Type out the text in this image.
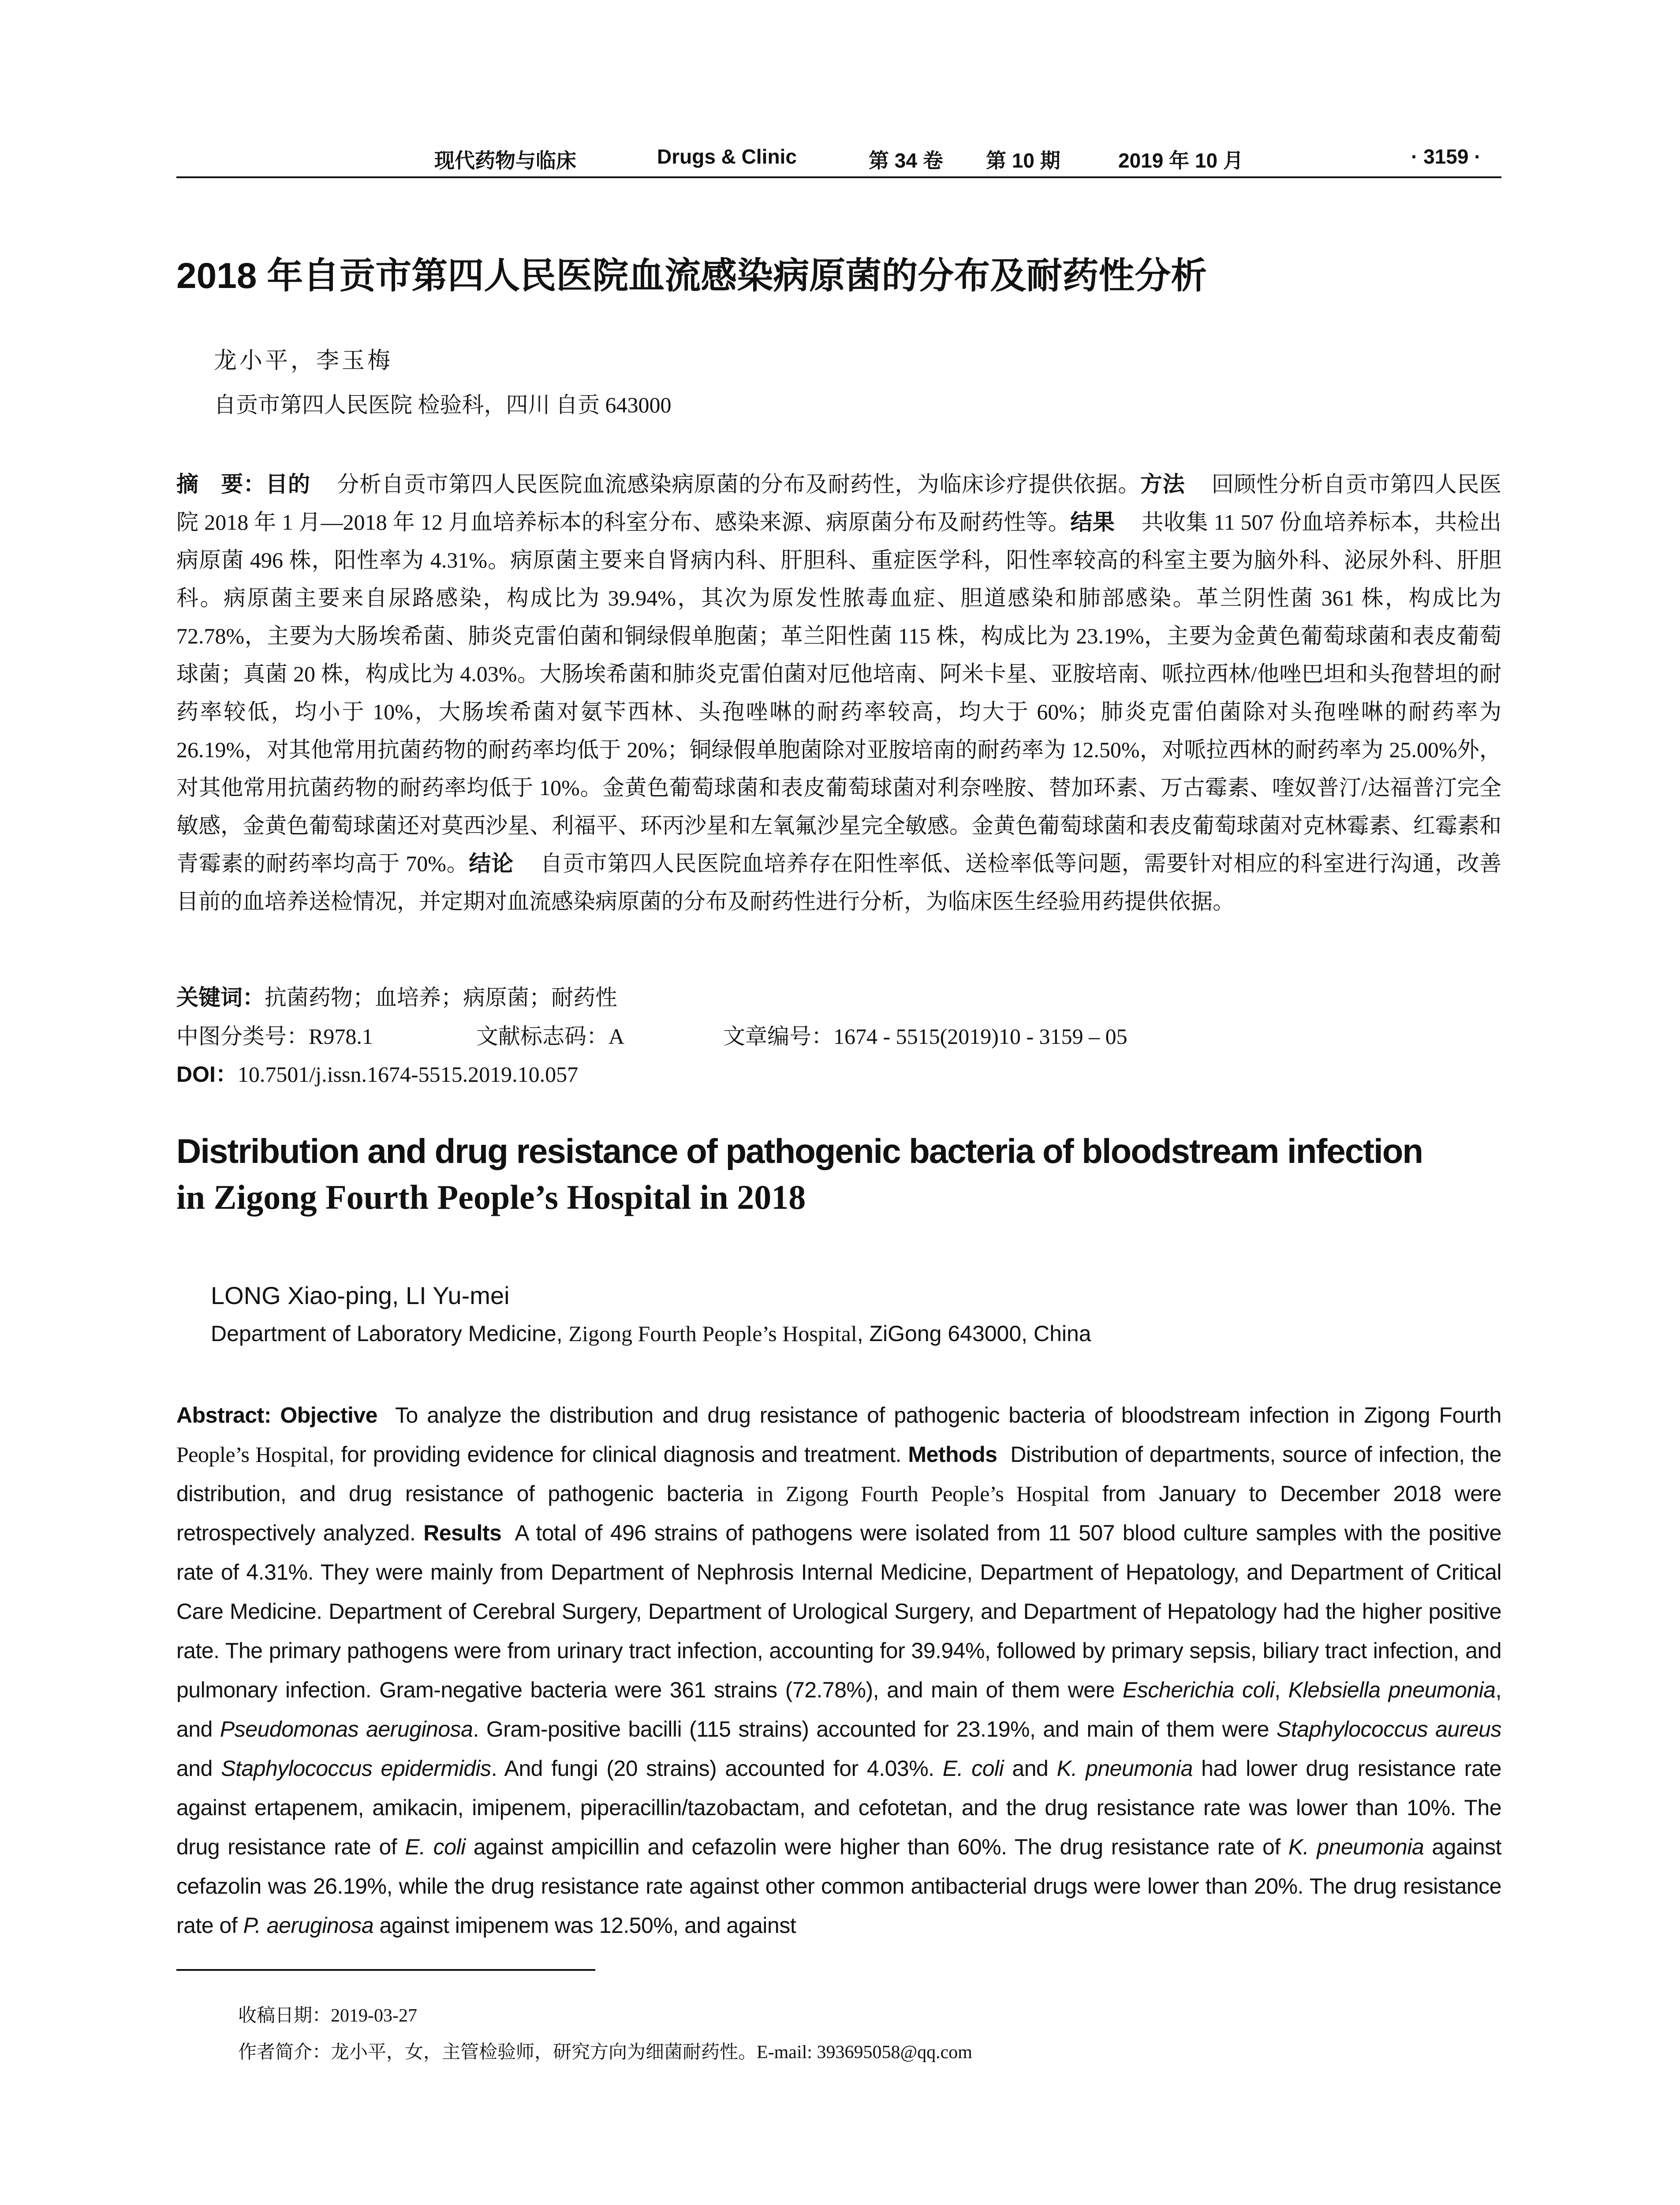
现代药物与临床	Drugs & Clinic	第 34 卷 第 10 期	2019 年 10 月	· 3159 ·
2018 年自贡市第四人民医院血流感染病原菌的分布及耐药性分析
龙小平，李玉梅
自贡市第四人民医院 检验科，四川 自贡 643000
摘　要：目的 分析自贡市第四人民医院血流感染病原菌的分布及耐药性，为临床诊疗提供依据。方法 回顾性分析自贡市第四人民医院 2018 年 1 月—2018 年 12 月血培养标本的科室分布、感染来源、病原菌分布及耐药性等。结果 共收集 11 507 份血培养标本，共检出病原菌 496 株，阳性率为 4.31%。病原菌主要来自肾病内科、肝胆科、重症医学科，阳性率较高的科室主要为脑外科、泌尿外科、肝胆科。病原菌主要来自尿路感染，构成比为 39.94%，其次为原发性脓毒血症、胆道感染和肺部感染。革兰阴性菌 361 株，构成比为 72.78%，主要为大肠埃希菌、肺炎克雷伯菌和铜绿假单胞菌；革兰阳性菌 115 株，构成比为 23.19%，主要为金黄色葡萄球菌和表皮葡萄球菌；真菌 20 株，构成比为 4.03%。大肠埃希菌和肺炎克雷伯菌对厄他培南、阿米卡星、亚胺培南、哌拉西林/他唑巴坦和头孢替坦的耐药率较低，均小于 10%，大肠埃希菌对氨苄西林、头孢唑啉的耐药率较高，均大于 60%；肺炎克雷伯菌除对头孢唑啉的耐药率为 26.19%，对其他常用抗菌药物的耐药率均低于 20%；铜绿假单胞菌除对亚胺培南的耐药率为 12.50%，对哌拉西林的耐药率为 25.00%外，对其他常用抗菌药物的耐药率均低于 10%。金黄色葡萄球菌和表皮葡萄球菌对利奈唑胺、替加环素、万古霉素、喹奴普汀/达福普汀完全敏感，金黄色葡萄球菌还对莫西沙星、利福平、环丙沙星和左氧氟沙星完全敏感。金黄色葡萄球菌和表皮葡萄球菌对克林霉素、红霉素和青霉素的耐药率均高于 70%。结论 自贡市第四人民医院血培养存在阳性率低、送检率低等问题，需要针对相应的科室进行沟通，改善目前的血培养送检情况，并定期对血流感染病原菌的分布及耐药性进行分析，为临床医生经验用药提供依据。
关键词：抗菌药物；血培养；病原菌；耐药性
中图分类号：R978.1	文献标志码：A	文章编号：1674 - 5515(2019)10 - 3159 – 05
DOI：10.7501/j.issn.1674-5515.2019.10.057
Distribution and drug resistance of pathogenic bacteria of bloodstream infection
in Zigong Fourth People’s Hospital in 2018
LONG Xiao-ping, LI Yu-mei
Department of Laboratory Medicine, Zigong Fourth People’s Hospital, ZiGong 643000, China
Abstract: Objective To analyze the distribution and drug resistance of pathogenic bacteria of bloodstream infection in Zigong Fourth People’s Hospital, for providing evidence for clinical diagnosis and treatment. Methods Distribution of departments, source of infection, the distribution, and drug resistance of pathogenic bacteria in Zigong Fourth People’s Hospital from January to December 2018 were retrospectively analyzed. Results A total of 496 strains of pathogens were isolated from 11 507 blood culture samples with the positive rate of 4.31%. They were mainly from Department of Nephrosis Internal Medicine, Department of Hepatology, and Department of Critical Care Medicine. Department of Cerebral Surgery, Department of Urological Surgery, and Department of Hepatology had the higher positive rate. The primary pathogens were from urinary tract infection, accounting for 39.94%, followed by primary sepsis, biliary tract infection, and pulmonary infection. Gram-negative bacteria were 361 strains (72.78%), and main of them were Escherichia coli, Klebsiella pneumonia, and Pseudomonas aeruginosa. Gram-positive bacilli (115 strains) accounted for 23.19%, and main of them were Staphylococcus aureus and Staphylococcus epidermidis. And fungi (20 strains) accounted for 4.03%. E. coli and K. pneumonia had lower drug resistance rate against ertapenem, amikacin, imipenem, piperacillin/tazobactam, and cefotetan, and the drug resistance rate was lower than 10%. The drug resistance rate of E. coli against ampicillin and cefazolin were higher than 60%. The drug resistance rate of K. pneumonia against cefazolin was 26.19%, while the drug resistance rate against other common antibacterial drugs were lower than 20%. The drug resistance rate of P. aeruginosa against imipenem was 12.50%, and against
收稿日期：2019-03-27
作者简介：龙小平，女，主管检验师，研究方向为细菌耐药性。E-mail: 393695058@qq.com
